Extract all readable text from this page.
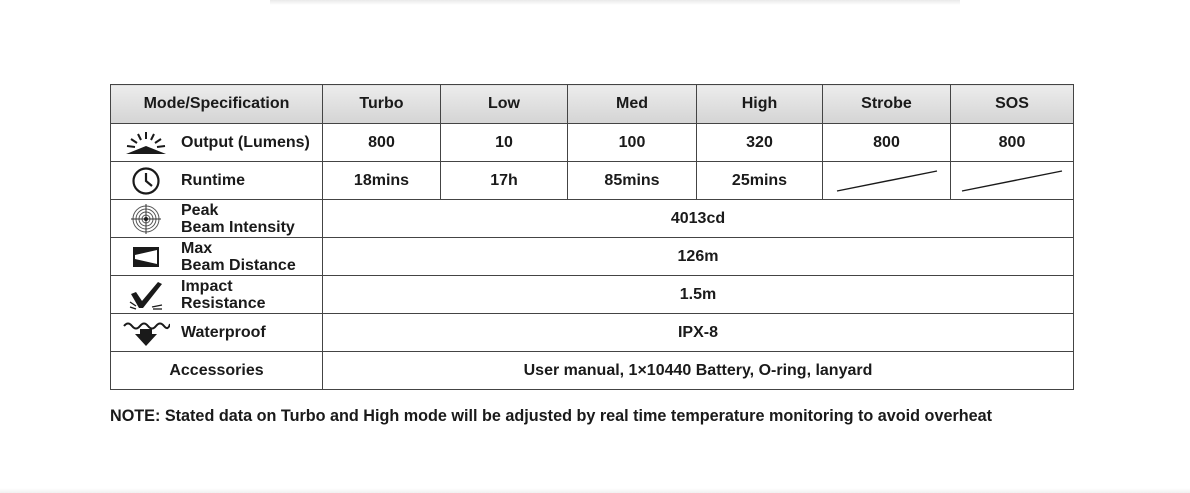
Mode/Specification	Turbo	Low	Med	High	Strobe	SOS

Output (Lumens)	800	10	100	320	800	800

Runtime	18mins	17h	85mins	25mins	

Peak
Beam Intensity	4013cd					

Max
Beam Distance	126m					

Impact
Resistance	1.5m					

Waterproof	IPX-8					
Accessories	User manual, 1×10440 Battery, O-ring, lanyard					
NOTE: Stated data on Turbo and High mode will be adjusted by real time temperature monitoring to avoid overheat
